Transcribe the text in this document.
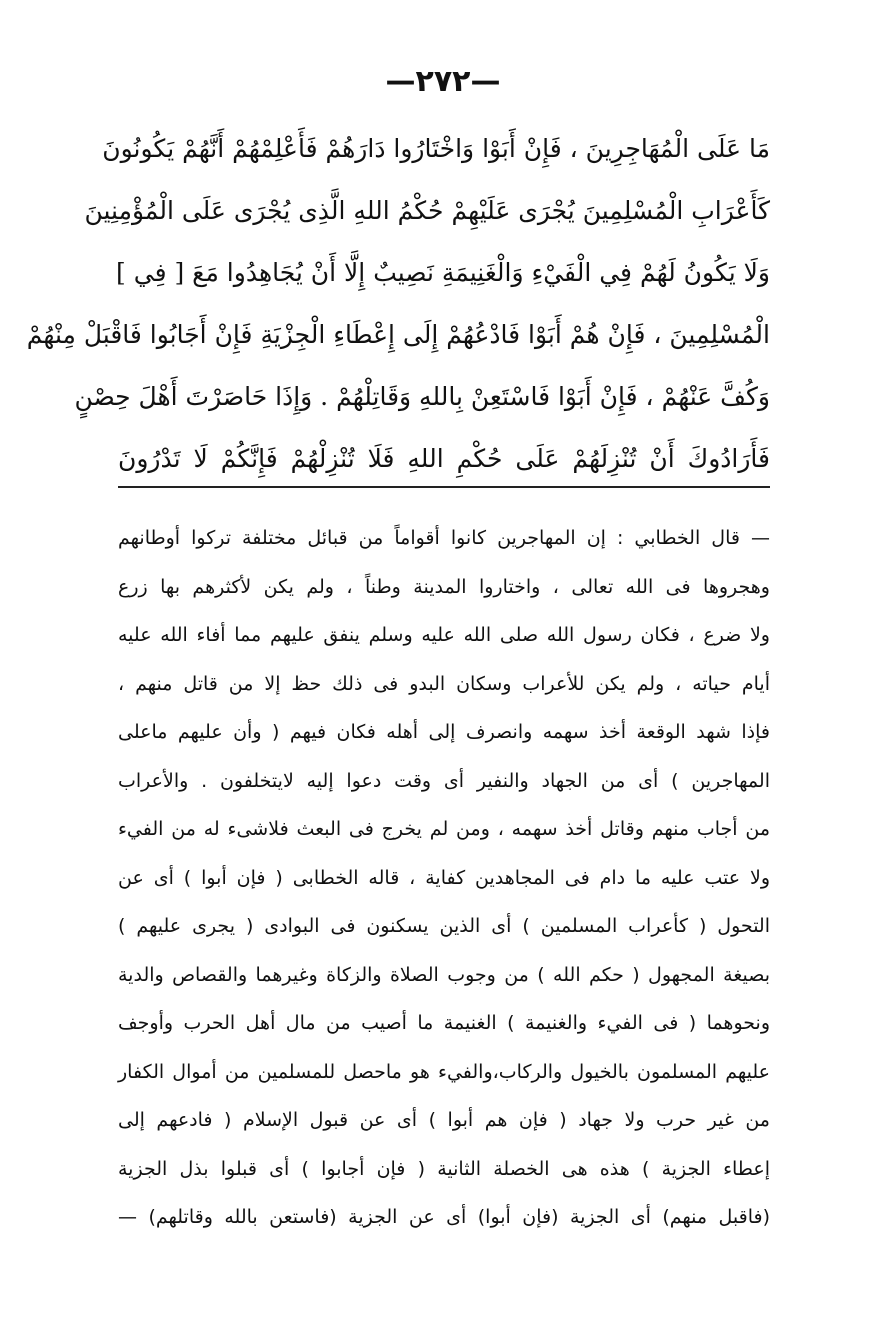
—٢٧٢—
مَا عَلَى الْمُهَاجِرِينَ ، فَإِنْ أَبَوْا وَاخْتَارُوا دَارَهُمْ فَأَعْلِمْهُمْ أَنَّهُمْ يَكُونُونَ
كَأَعْرَابِ الْمُسْلِمِينَ يُجْرَى عَلَيْهِمْ حُكْمُ اللهِ الَّذِى يُجْرَى عَلَى الْمُؤْمِنِينَ
وَلَا يَكُونُ لَهُمْ فِي الْفَيْءِ وَالْغَنِيمَةِ نَصِيبٌ إِلَّا أَنْ يُجَاهِدُوا مَعَ [ فِي ]
الْمُسْلِمِينَ ، فَإِنْ هُمْ أَبَوْا فَادْعُهُمْ إِلَى إِعْطَاءِ الْجِزْيَةِ فَإِنْ أَجَابُوا فَاقْبَلْ مِنْهُمْ
وَكُفَّ عَنْهُمْ ، فَإِنْ أَبَوْا فَاسْتَعِنْ بِاللهِ وَقَاتِلْهُمْ . وَإِذَا حَاصَرْتَ أَهْلَ حِصْنٍ
فَأَرَادُوكَ أَنْ تُنْزِلَهُمْ عَلَى حُكْمِ اللهِ فَلَا تُنْزِلْهُمْ فَإِنَّكُمْ لَا تَدْرُونَ
— قال الخطابي : إن المهاجرين كانوا أقواماً من قبائل مختلفة تركوا أوطانهم
وهجروها فى الله تعالى ، واختاروا المدينة وطناً ، ولم يكن لأكثرهم بها زرع
ولا ضرع ، فكان رسول الله صلى الله عليه وسلم ينفق عليهم مما أفاء الله عليه
أيام حياته ، ولم يكن للأعراب وسكان البدو فى ذلك حظ إلا من قاتل منهم ،
فإذا شهد الوقعة أخذ سهمه وانصرف إلى أهله فكان فيهم ( وأن عليهم ماعلى
المهاجرين ) أى من الجهاد والنفير أى وقت دعوا إليه لايتخلفون . والأعراب
من أجاب منهم وقاتل أخذ سهمه ، ومن لم يخرج فى البعث فلاشىء له من الفيء
ولا عتب عليه ما دام فى المجاهدين كفاية ، قاله الخطابى ( فإن أبوا ) أى عن
التحول ( كأعراب المسلمين ) أى الذين يسكنون فى البوادى ( يجرى عليهم )
بصيغة المجهول ( حكم الله ) من وجوب الصلاة والزكاة وغيرهما والقصاص والدية
ونحوهما ( فى الفيء والغنيمة ) الغنيمة ما أصيب من مال أهل الحرب وأوجف
عليهم المسلمون بالخيول والركاب،والفيء هو ماحصل للمسلمين من أموال الكفار
من غير حرب ولا جهاد ( فإن هم أبوا ) أى عن قبول الإسلام ( فادعهم إلى
إعطاء الجزية ) هذه هى الخصلة الثانية ( فإن أجابوا ) أى قبلوا بذل الجزية
(فاقبل منهم) أى الجزية (فإن أبوا) أى عن الجزية (فاستعن بالله وقاتلهم) —
